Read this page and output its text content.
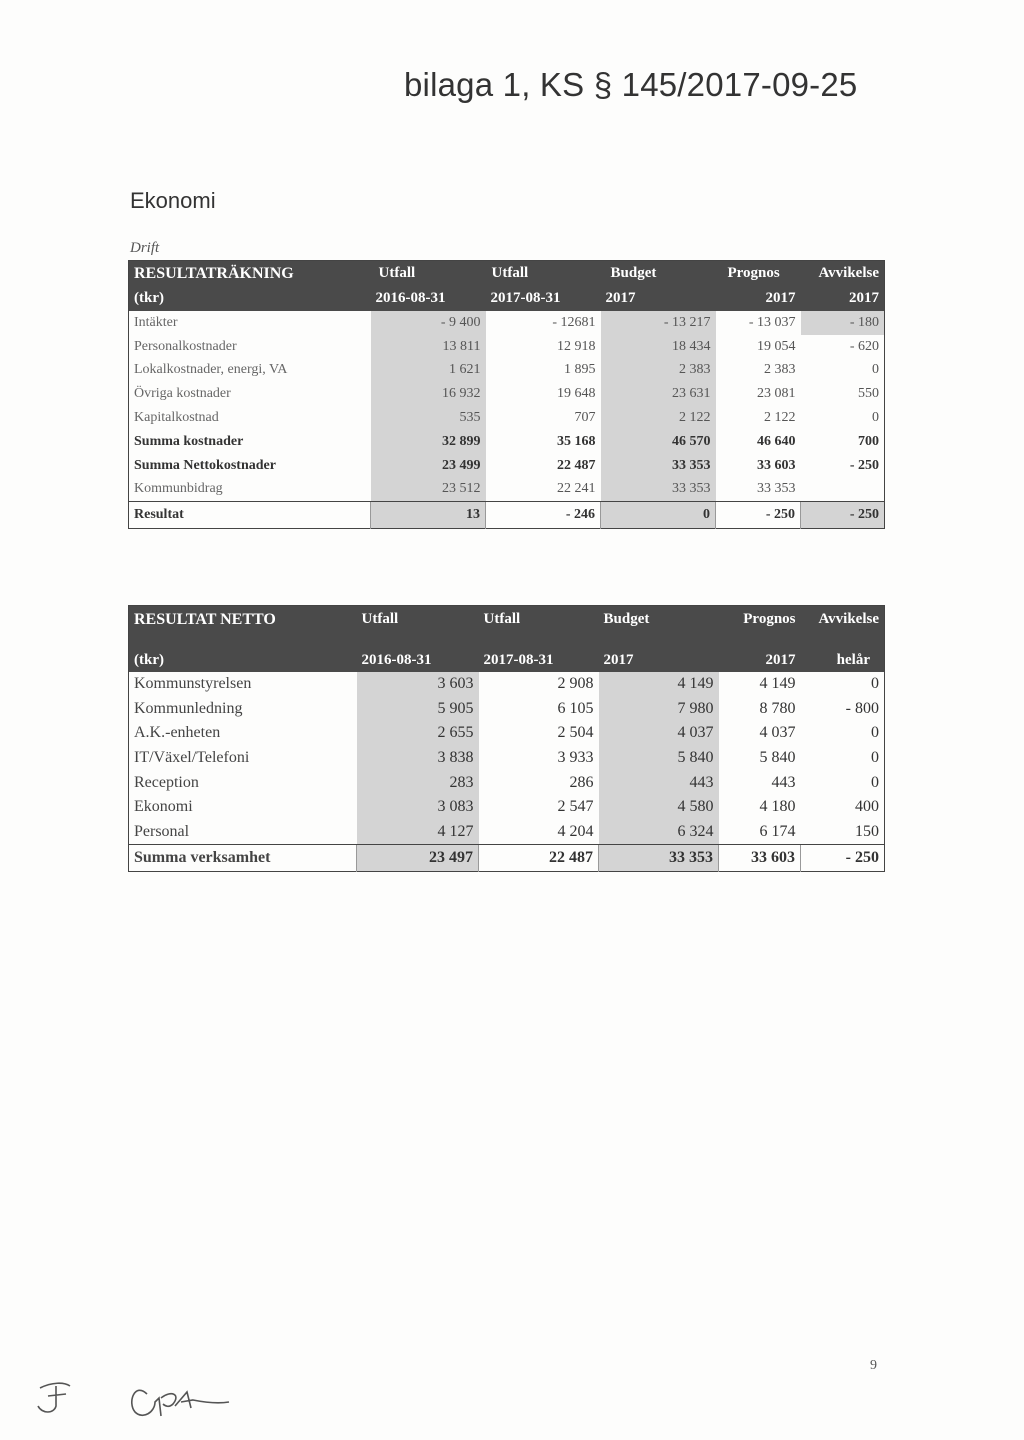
bilaga 1, KS § 145/2017-09-25
Ekonomi
Drift
RESULTATRÄKNING	Utfall	Utfall	Budget	Prognos	Avvikelse
(tkr)	2016-08-31	2017-08-31	2017	2017	2017
Intäkter	- 9 400	- 12681	- 13 217	- 13 037	- 180
Personalkostnader	13 811	12 918	18 434	19 054	- 620
Lokalkostnader, energi, VA	1 621	1 895	2 383	2 383	0
Övriga kostnader	16 932	19 648	23 631	23 081	550
Kapitalkostnad	535	707	2 122	2 122	0
Summa kostnader	32 899	35 168	46 570	46 640	700
Summa Nettokostnader	23 499	22 487	33 353	33 603	- 250
Kommunbidrag	23 512	22 241	33 353	33 353	
Resultat	13	- 246	0	- 250	- 250
RESULTAT NETTO	Utfall	Utfall	Budget	Prognos	Avvikelse
(tkr)	2016-08-31	2017-08-31	2017	2017	helår
Kommunstyrelsen	3 603	2 908	4 149	4 149	0
Kommunledning	5 905	6 105	7 980	8 780	- 800
A.K.-enheten	2 655	2 504	4 037	4 037	0
IT/Växel/Telefoni	3 838	3 933	5 840	5 840	0
Reception	283	286	443	443	0
Ekonomi	3 083	2 547	4 580	4 180	400
Personal	4 127	4 204	6 324	6 174	150
Summa verksamhet	23 497	22 487	33 353	33 603	- 250
9
